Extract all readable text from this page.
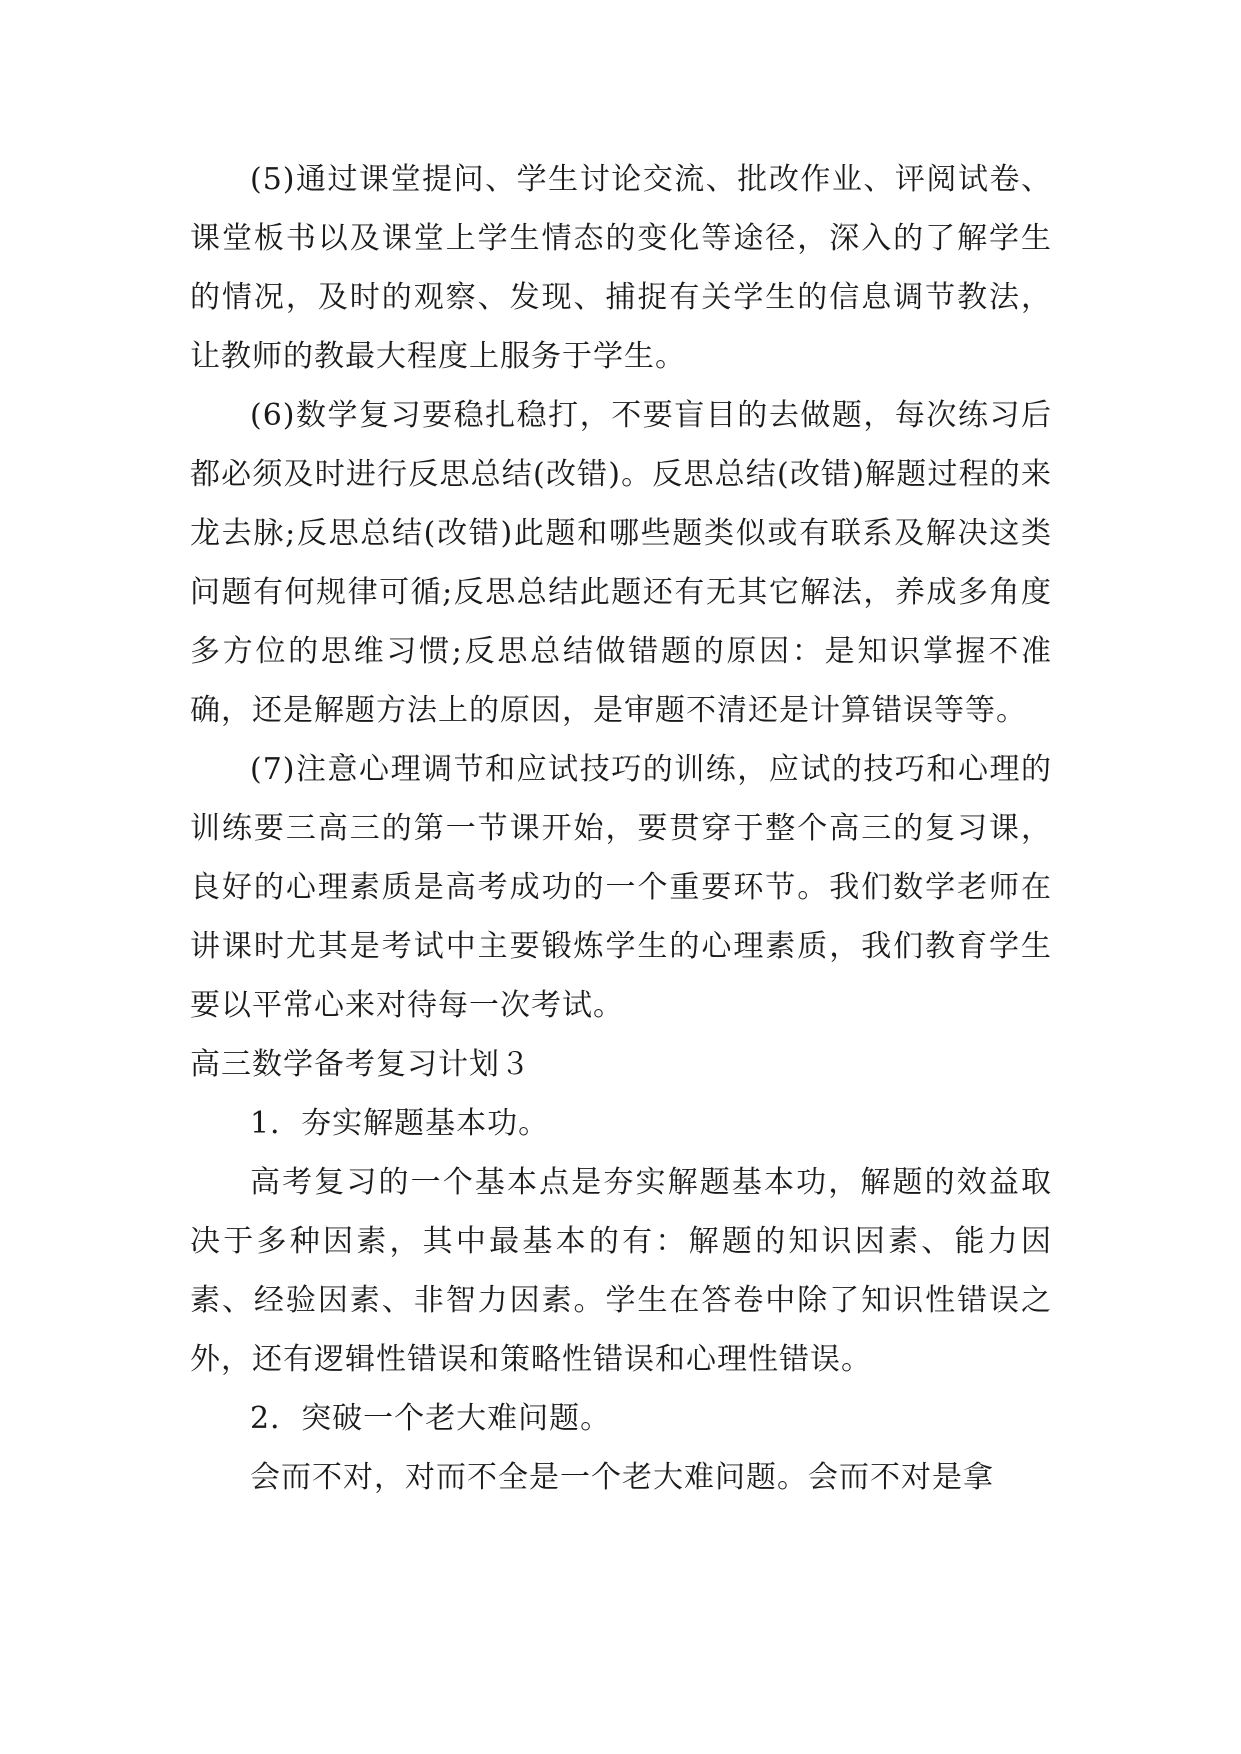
(5)通过课堂提问、学生讨论交流、批改作业、评阅试卷、课堂板书以及课堂上学生情态的变化等途径，深入的了解学生的情况，及时的观察、发现、捕捉有关学生的信息调节教法，让教师的教最大程度上服务于学生。

(6)数学复习要稳扎稳打，不要盲目的去做题，每次练习后都必须及时进行反思总结(改错)。反思总结(改错)解题过程的来龙去脉;反思总结(改错)此题和哪些题类似或有联系及解决这类问题有何规律可循;反思总结此题还有无其它解法，养成多角度多方位的思维习惯;反思总结做错题的原因：是知识掌握不准确，还是解题方法上的原因，是审题不清还是计算错误等等。

(7)注意心理调节和应试技巧的训练，应试的技巧和心理的训练要三高三的第一节课开始，要贯穿于整个高三的复习课，良好的心理素质是高考成功的一个重要环节。我们数学老师在讲课时尤其是考试中主要锻炼学生的心理素质，我们教育学生要以平常心来对待每一次考试。

高三数学备考复习计划３

1．夯实解题基本功。

高考复习的一个基本点是夯实解题基本功，解题的效益取决于多种因素，其中最基本的有：解题的知识因素、能力因素、经验因素、非智力因素。学生在答卷中除了知识性错误之外，还有逻辑性错误和策略性错误和心理性错误。

2．突破一个老大难问题。

会而不对，对而不全是一个老大难问题。会而不对是拿
